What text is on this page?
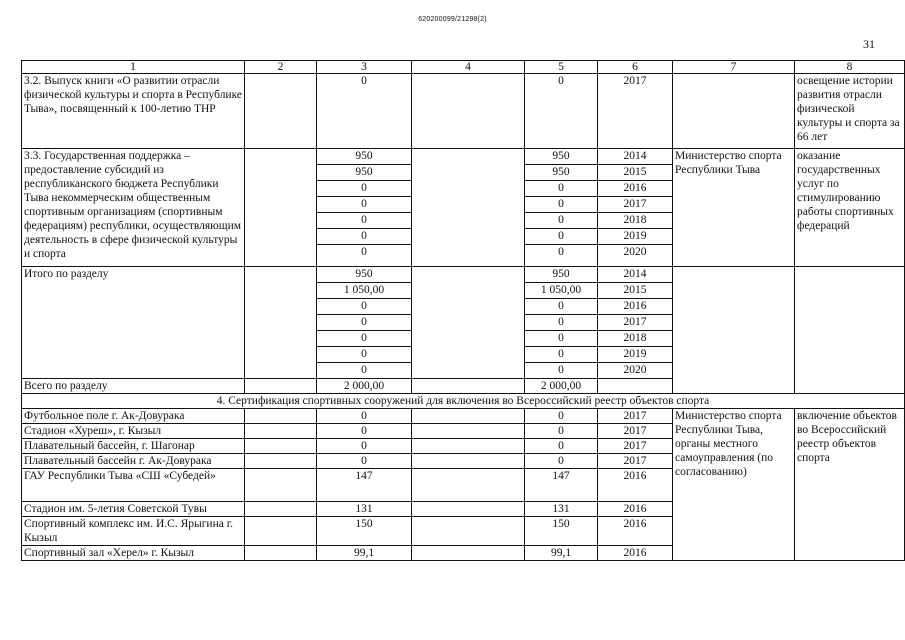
620200099/21298(2)
31
1	2	3	4	5	6	7	8
3.2. Выпуск книги «О развитии отрасли физической культуры и спорта в Республике Тыва», посвященный к 100-летию ТНР		0		0	2017		освещение истории развития отрасли физической культуры и спорта за 66 лет
3.3. Государственная поддержка – предоставление субсидий из республиканского бюджета Республики Тыва некоммерческим общественным спортивным организациям (спортивным федерациям) республики, осуществляющим деятельность в сфере физической культуры и спорта		950		950	2014	Министерство спорта Республики Тыва	оказание государственных услуг по стимулированию работы спортивных федераций
		950		950	2015		
		0		0	2016		
		0		0	2017		
		0		0	2018		
		0		0	2019		
		0		0	2020		
Итого по разделу		950		950	2014		
		1 050,00		1 050,00	2015		
		0		0	2016		
		0		0	2017		
		0		0	2018		
		0		0	2019		
		0		0	2020		
Всего по разделу		2 000,00		2 000,00			
4. Сертификация спортивных сооружений для включения во Всероссийский реестр объектов спорта							
Футбольное поле г. Ак-Довурака		0		0	2017	Министерство спорта Республики Тыва, органы местного самоуправления (по согласованию)	включение объектов во Всероссийский реестр объектов спорта
Стадион «Хуреш», г. Кызыл		0		0	2017		
Плавательный бассейн, г. Шагонар		0		0	2017		
Плавательный бассейн г. Ак-Довурака		0		0	2017		
ГАУ Республики Тыва «СШ «Субедей»		147		147	2016		
Стадион им. 5-летия Советской Тувы		131		131	2016		
Спортивный комплекс им. И.С. Ярыгина г. Кызыл		150		150	2016		
Спортивный зал «Херел» г. Кызыл		99,1		99,1	2016		
